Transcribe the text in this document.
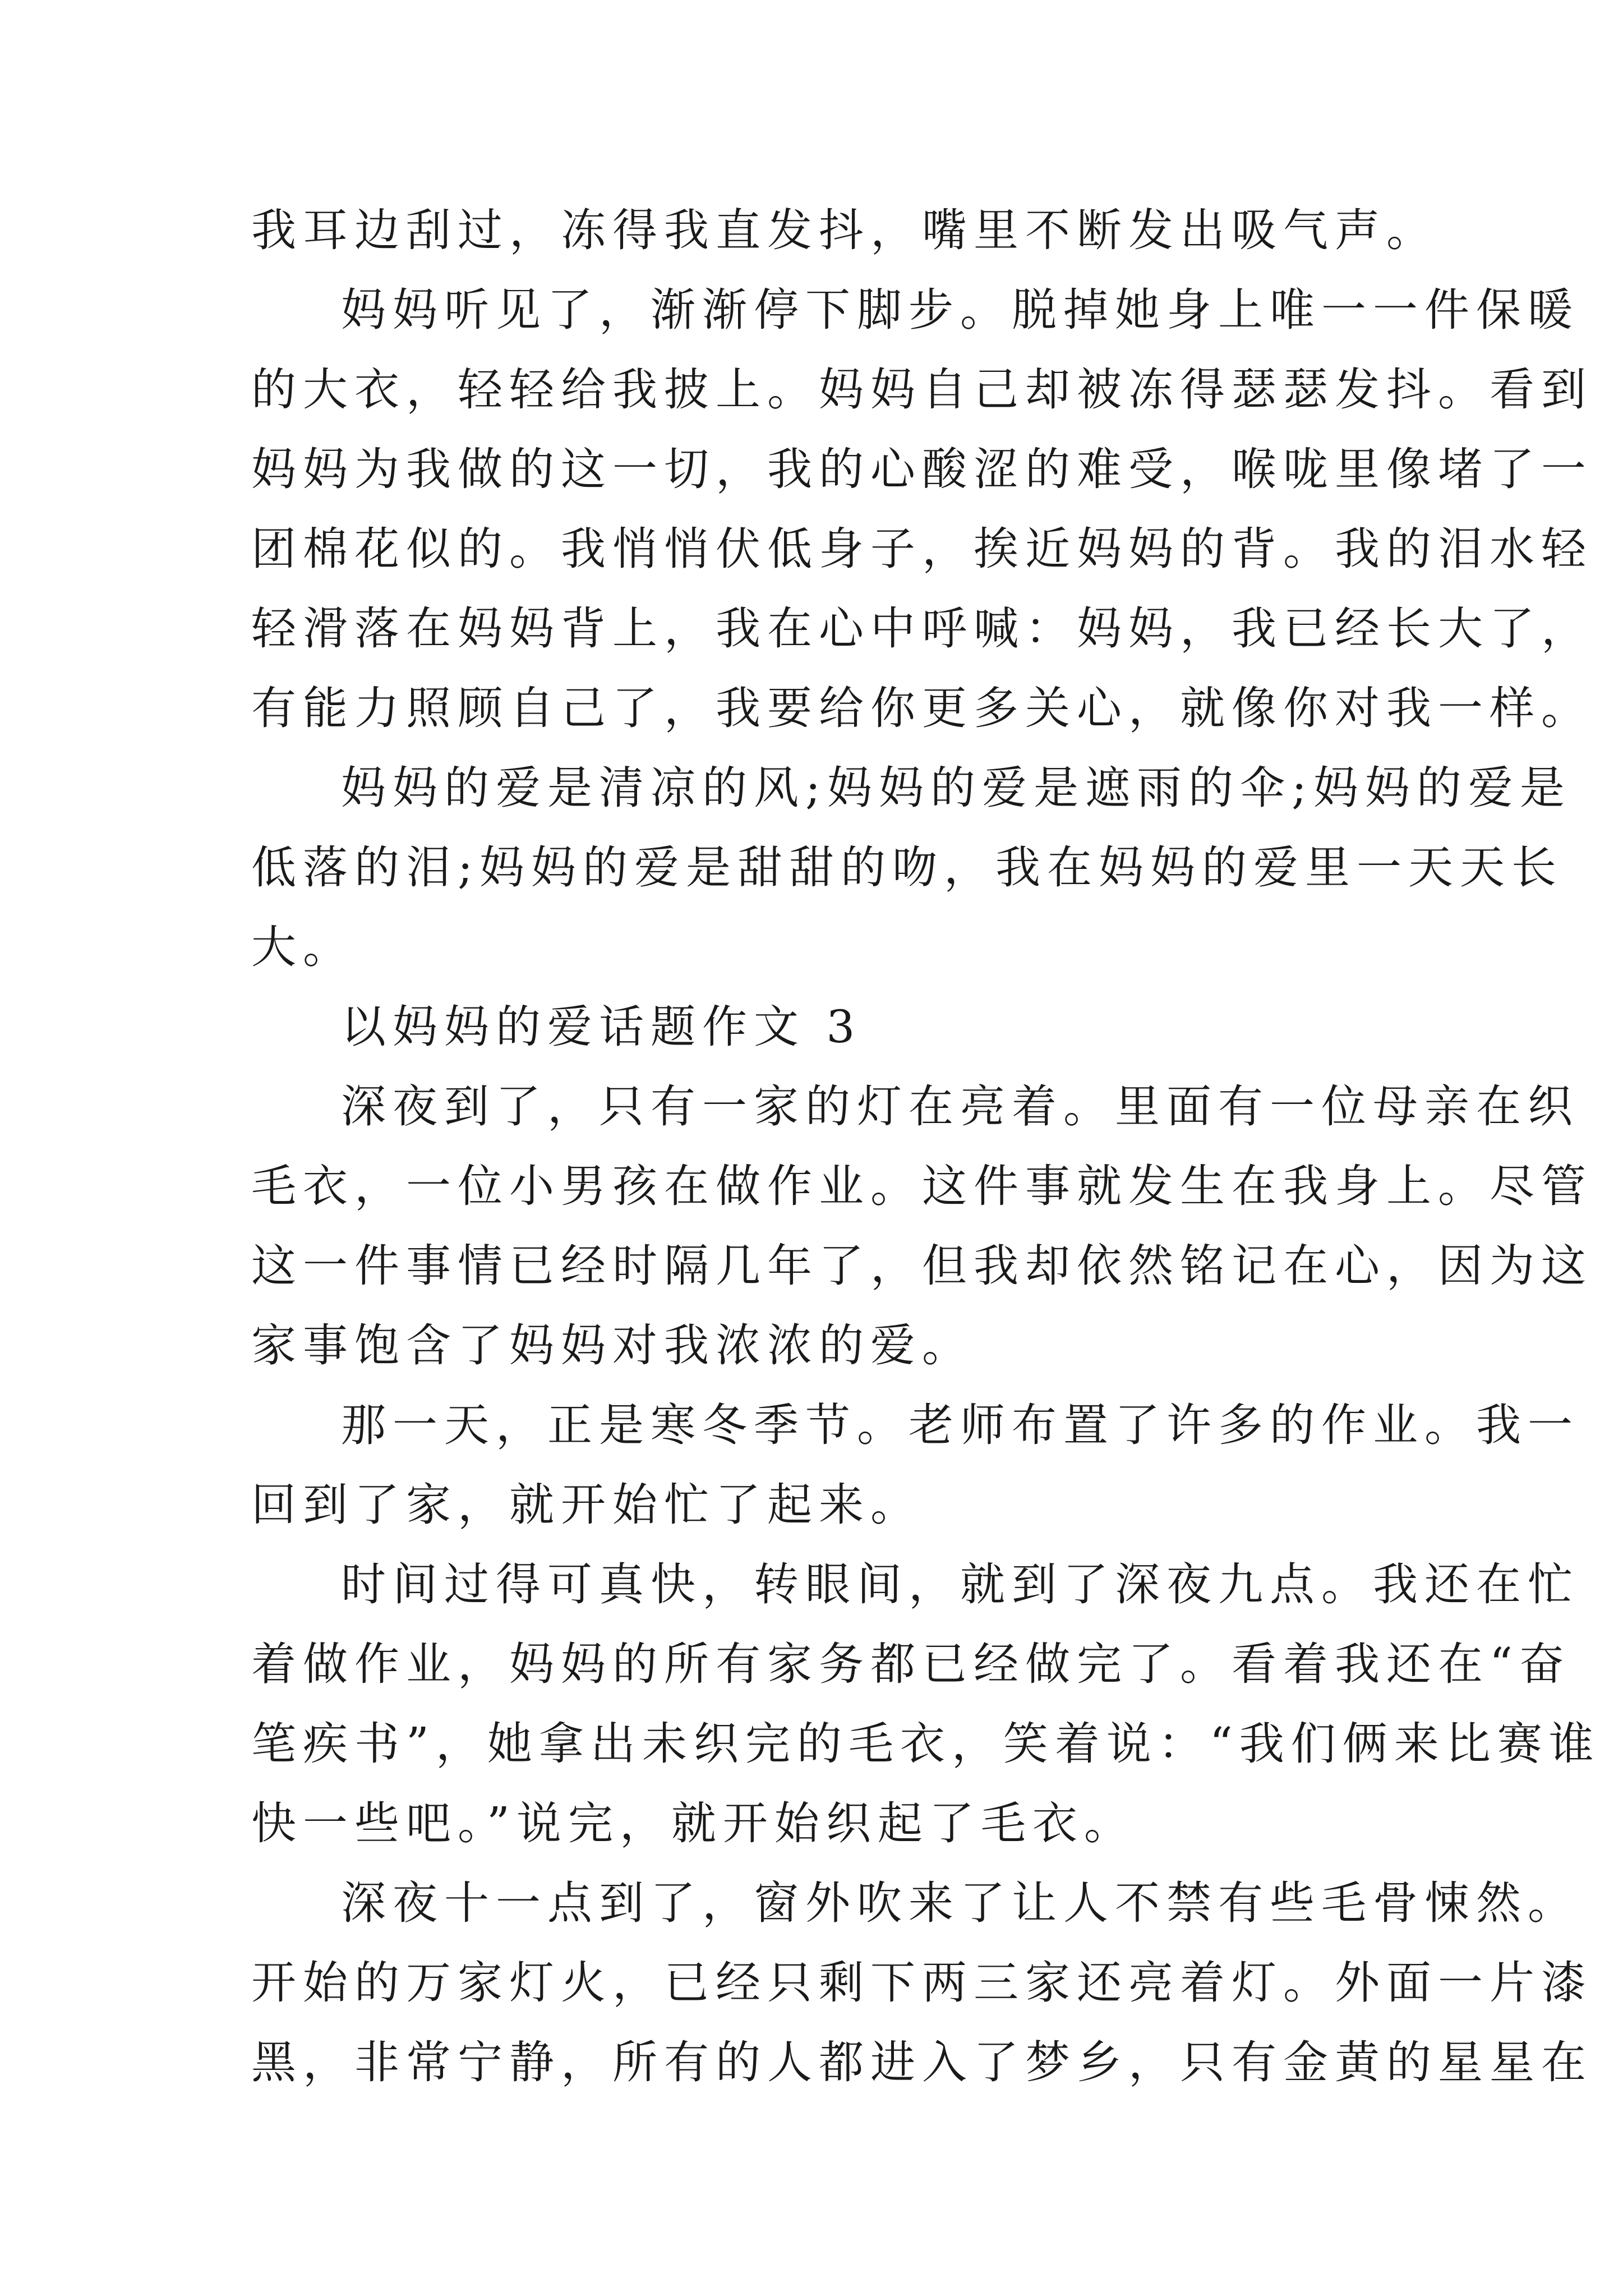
我耳边刮过，冻得我直发抖，嘴里不断发出吸气声。
妈妈听见了，渐渐停下脚步。脱掉她身上唯一一件保暖
的大衣，轻轻给我披上。妈妈自己却被冻得瑟瑟发抖。看到
妈妈为我做的这一切，我的心酸涩的难受，喉咙里像堵了一
团棉花似的。我悄悄伏低身子，挨近妈妈的背。我的泪水轻
轻滑落在妈妈背上，我在心中呼喊：妈妈，我已经长大了，
有能力照顾自己了，我要给你更多关心，就像你对我一样。
妈妈的爱是清凉的风;妈妈的爱是遮雨的伞;妈妈的爱是
低落的泪;妈妈的爱是甜甜的吻，我在妈妈的爱里一天天长
大。
以妈妈的爱话题作文 3
深夜到了，只有一家的灯在亮着。里面有一位母亲在织
毛衣，一位小男孩在做作业。这件事就发生在我身上。尽管
这一件事情已经时隔几年了，但我却依然铭记在心，因为这
家事饱含了妈妈对我浓浓的爱。
那一天，正是寒冬季节。老师布置了许多的作业。我一
回到了家，就开始忙了起来。
时间过得可真快，转眼间，就到了深夜九点。我还在忙
着做作业，妈妈的所有家务都已经做完了。看着我还在“奋
笔疾书”，她拿出未织完的毛衣，笑着说：“我们俩来比赛谁
快一些吧。”说完，就开始织起了毛衣。
深夜十一点到了，窗外吹来了让人不禁有些毛骨悚然。
开始的万家灯火，已经只剩下两三家还亮着灯。外面一片漆
黑，非常宁静，所有的人都进入了梦乡，只有金黄的星星在
